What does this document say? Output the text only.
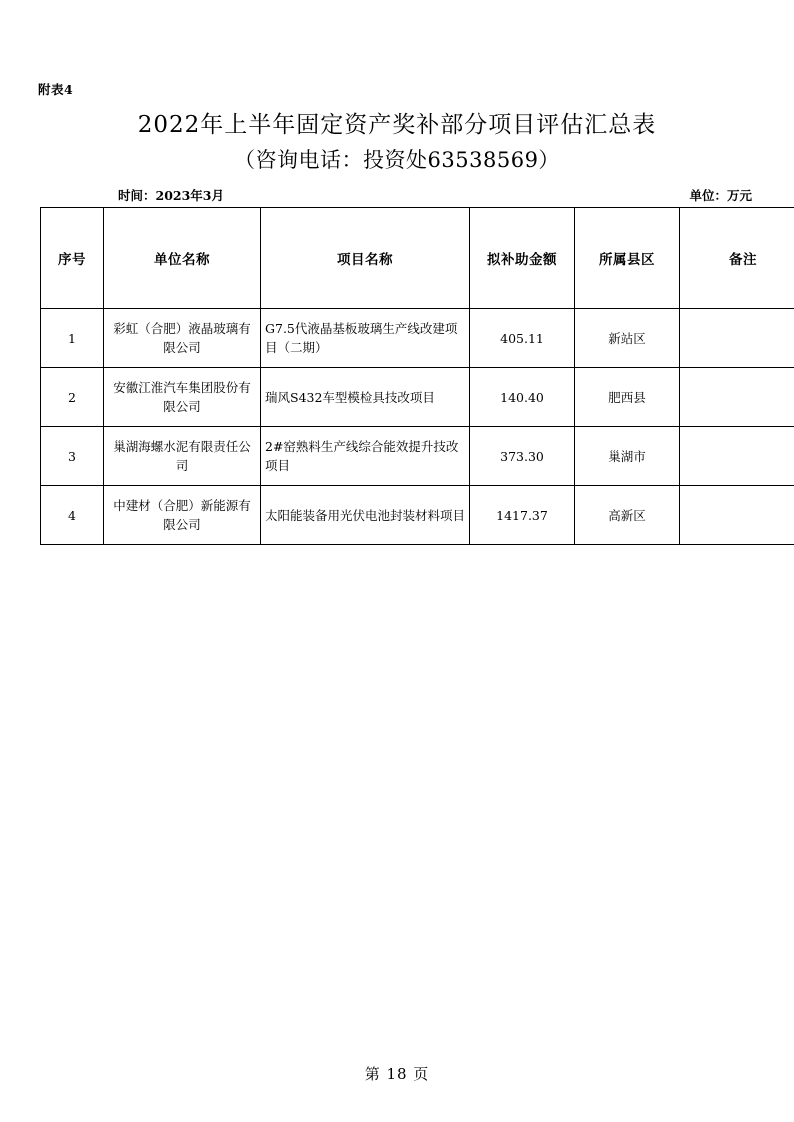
附表4
2022年上半年固定资产奖补部分项目评估汇总表
（咨询电话：投资处63538569）
时间：2023年3月	单位：万元
序号	单位名称	项目名称	拟补助金额	所属县区	备注
1	彩虹（合肥）液晶玻璃有限公司	G7.5代液晶基板玻璃生产线改建项目（二期）	405.11	新站区	
2	安徽江淮汽车集团股份有限公司	瑞风S432车型模检具技改项目	140.40	肥西县	
3	巢湖海螺水泥有限责任公司	2#窑熟料生产线综合能效提升技改项目	373.30	巢湖市	
4	中建材（合肥）新能源有限公司	太阳能装备用光伏电池封装材料项目	1417.37	高新区	
第 18 页
